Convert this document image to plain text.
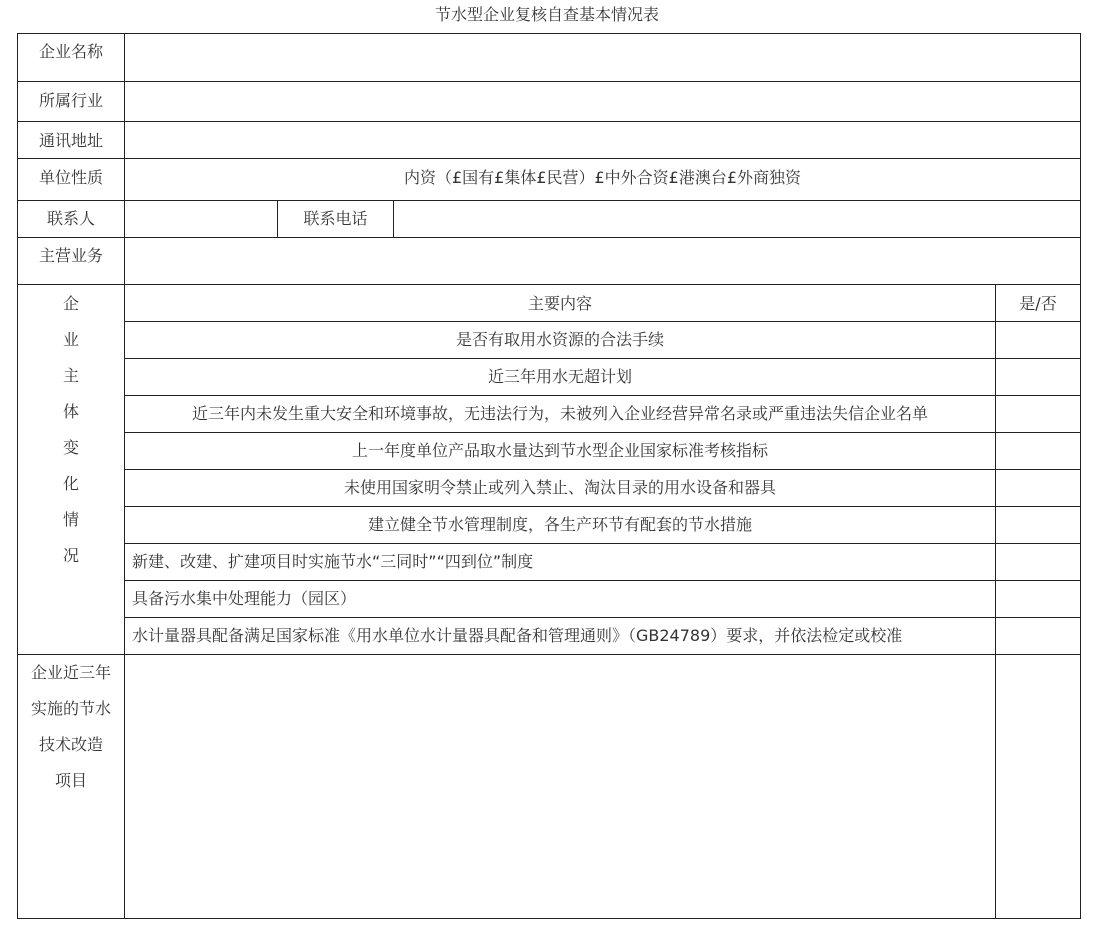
节水型企业复核自查基本情况表
企业名称
所属行业
通讯地址
单位性质	内资（£国有£集体£民营）£中外合资£港澳台£外商独资
联系人	联系电话
主营业务
企
业
主
体
变
化
情
况
主要内容	是/否
是否有取用水资源的合法手续
近三年用水无超计划
近三年内未发生重大安全和环境事故，无违法行为，未被列入企业经营异常名录或严重违法失信企业名单
上一年度单位产品取水量达到节水型企业国家标准考核指标
未使用国家明令禁止或列入禁止、淘汰目录的用水设备和器具
建立健全节水管理制度，各生产环节有配套的节水措施
新建、改建、扩建项目时实施节水“三同时”“四到位”制度
具备污水集中处理能力（园区）
水计量器具配备满足国家标准《用水单位水计量器具配备和管理通则》（GB24789）要求，并依法检定或校准
企业近三年
实施的节水
技术改造
项目
